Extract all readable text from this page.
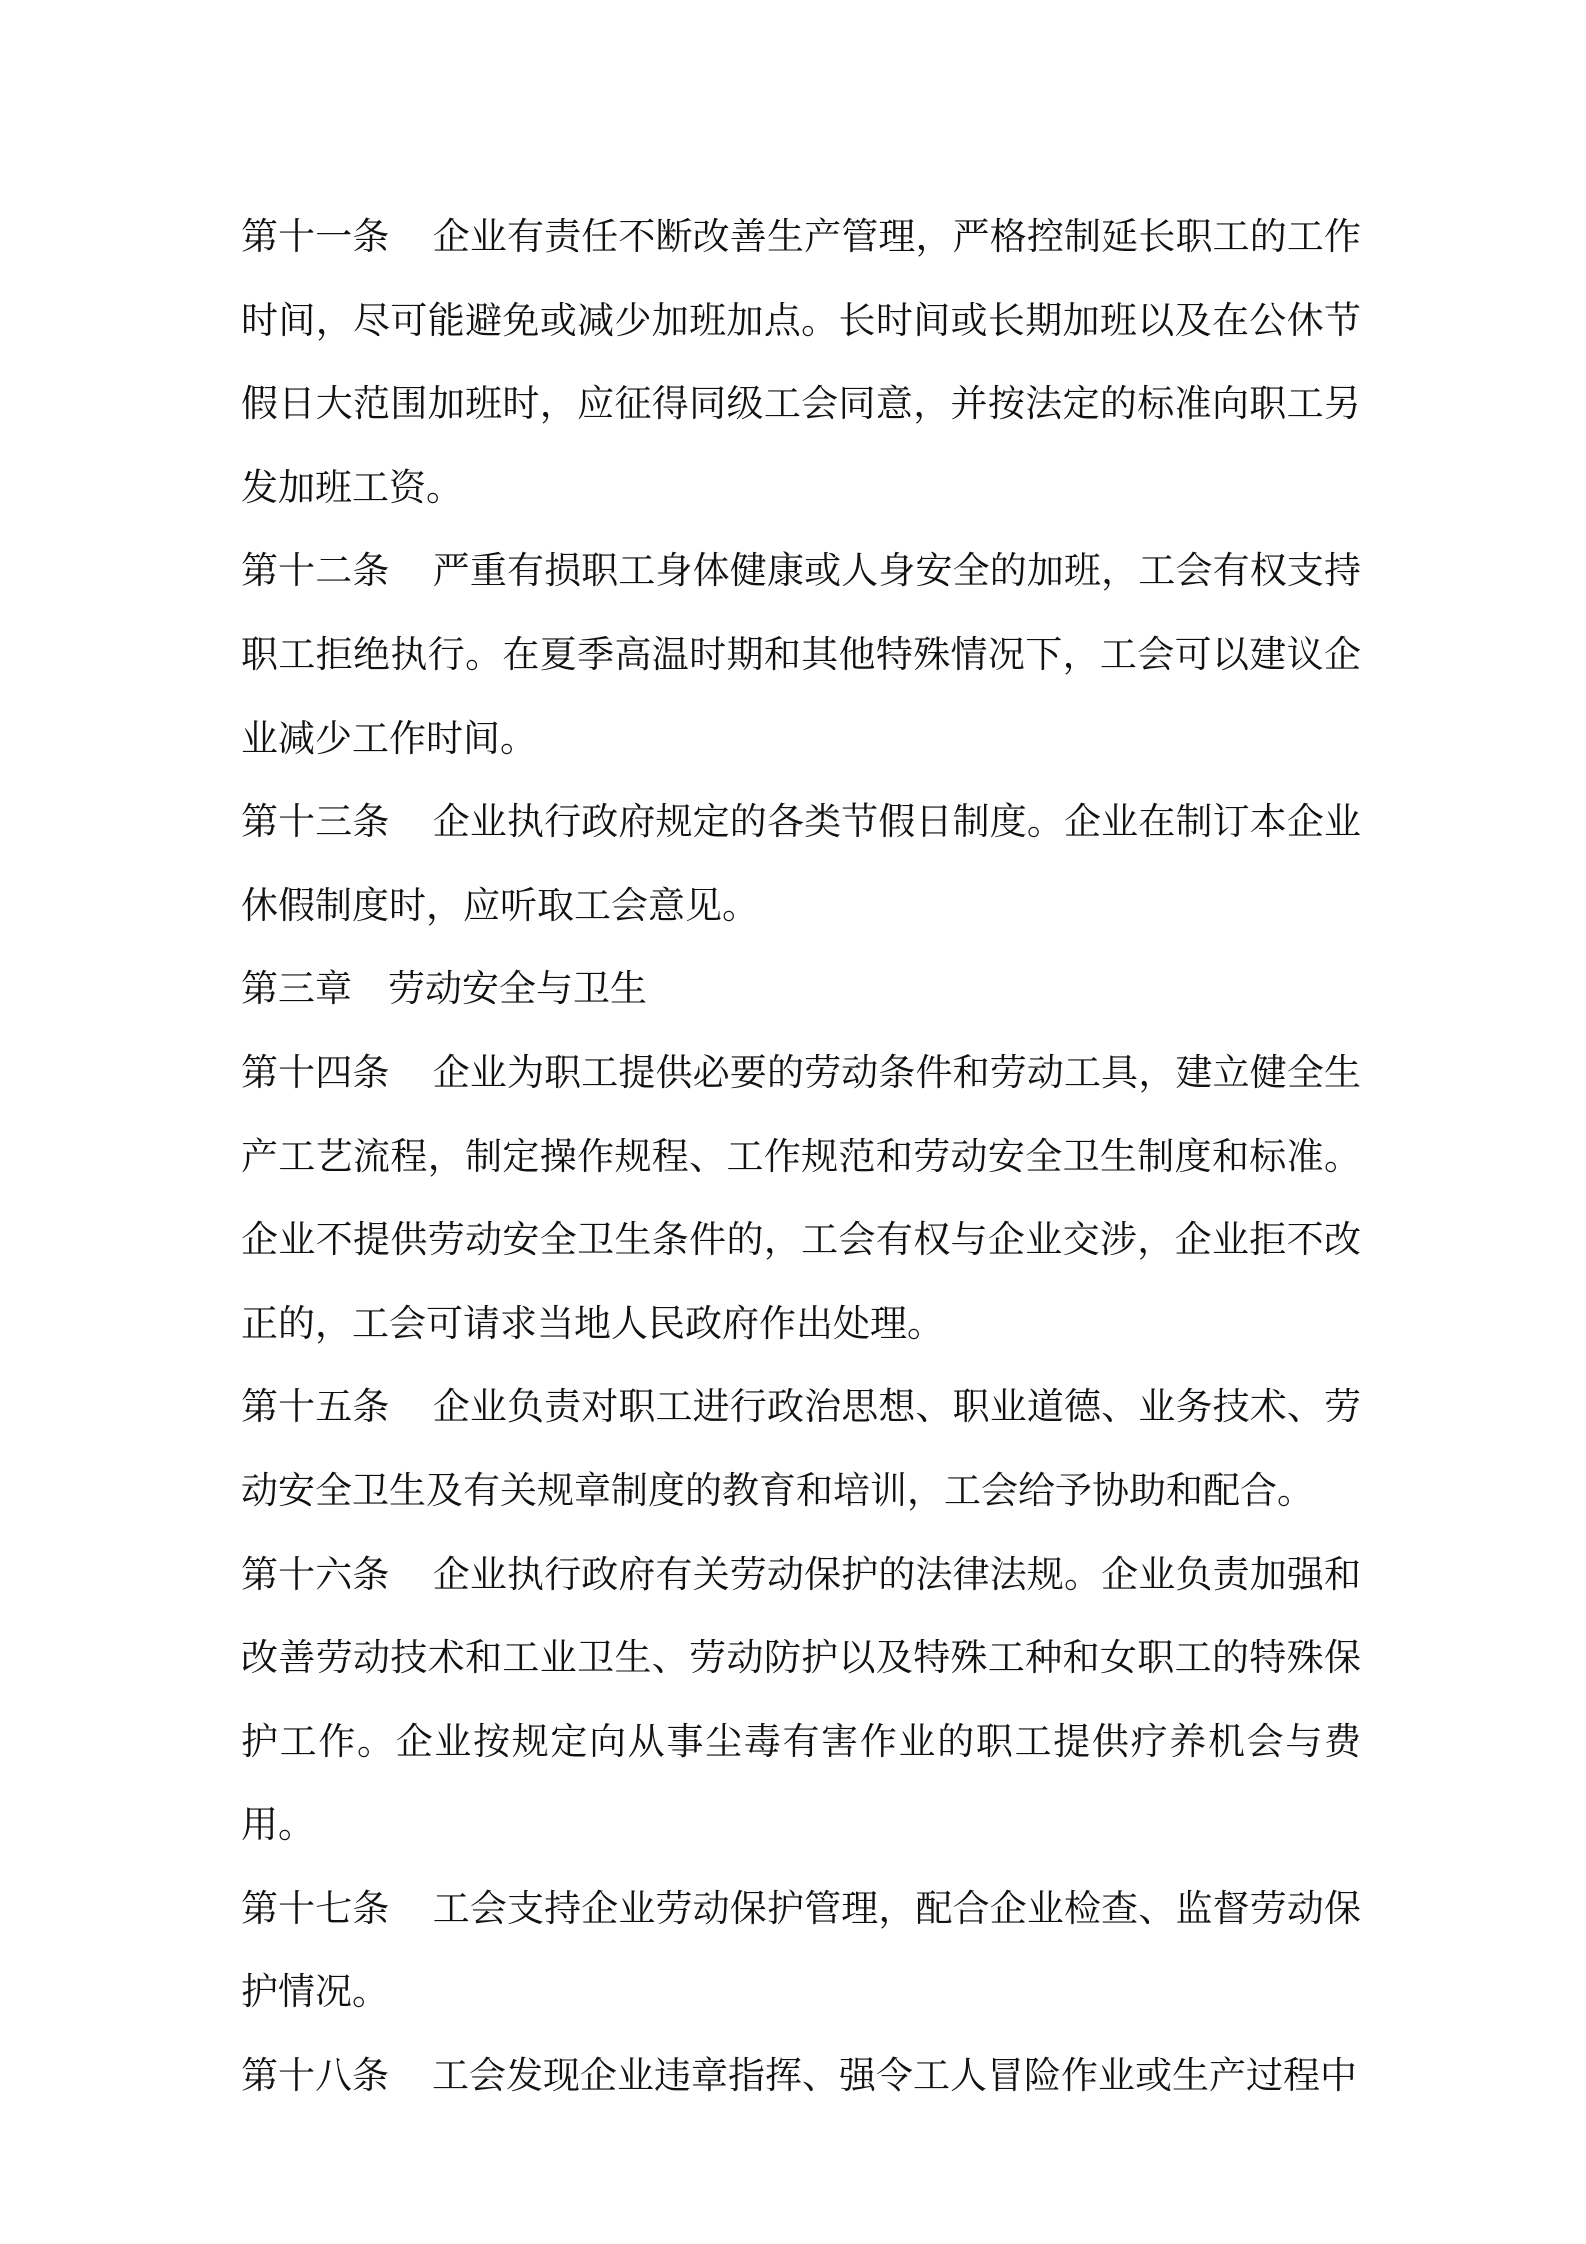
第十一条 企业有责任不断改善生产管理，严格控制延长职工的工作时间，尽可能避免或减少加班加点。长时间或长期加班以及在公休节假日大范围加班时，应征得同级工会同意，并按法定的标准向职工另发加班工资。

第十二条 严重有损职工身体健康或人身安全的加班，工会有权支持职工拒绝执行。在夏季高温时期和其他特殊情况下，工会可以建议企业减少工作时间。

第十三条 企业执行政府规定的各类节假日制度。企业在制订本企业休假制度时，应听取工会意见。

第三章 劳动安全与卫生

第十四条 企业为职工提供必要的劳动条件和劳动工具，建立健全生产工艺流程，制定操作规程、工作规范和劳动安全卫生制度和标准。企业不提供劳动安全卫生条件的，工会有权与企业交涉，企业拒不改正的，工会可请求当地人民政府作出处理。

第十五条 企业负责对职工进行政治思想、职业道德、业务技术、劳动安全卫生及有关规章制度的教育和培训，工会给予协助和配合。

第十六条 企业执行政府有关劳动保护的法律法规。企业负责加强和改善劳动技术和工业卫生、劳动防护以及特殊工种和女职工的特殊保护工作。企业按规定向从事尘毒有害作业的职工提供疗养机会与费用。

第十七条 工会支持企业劳动保护管理，配合企业检查、监督劳动保护情况。

第十八条 工会发现企业违章指挥、强令工人冒险作业或生产过程中
